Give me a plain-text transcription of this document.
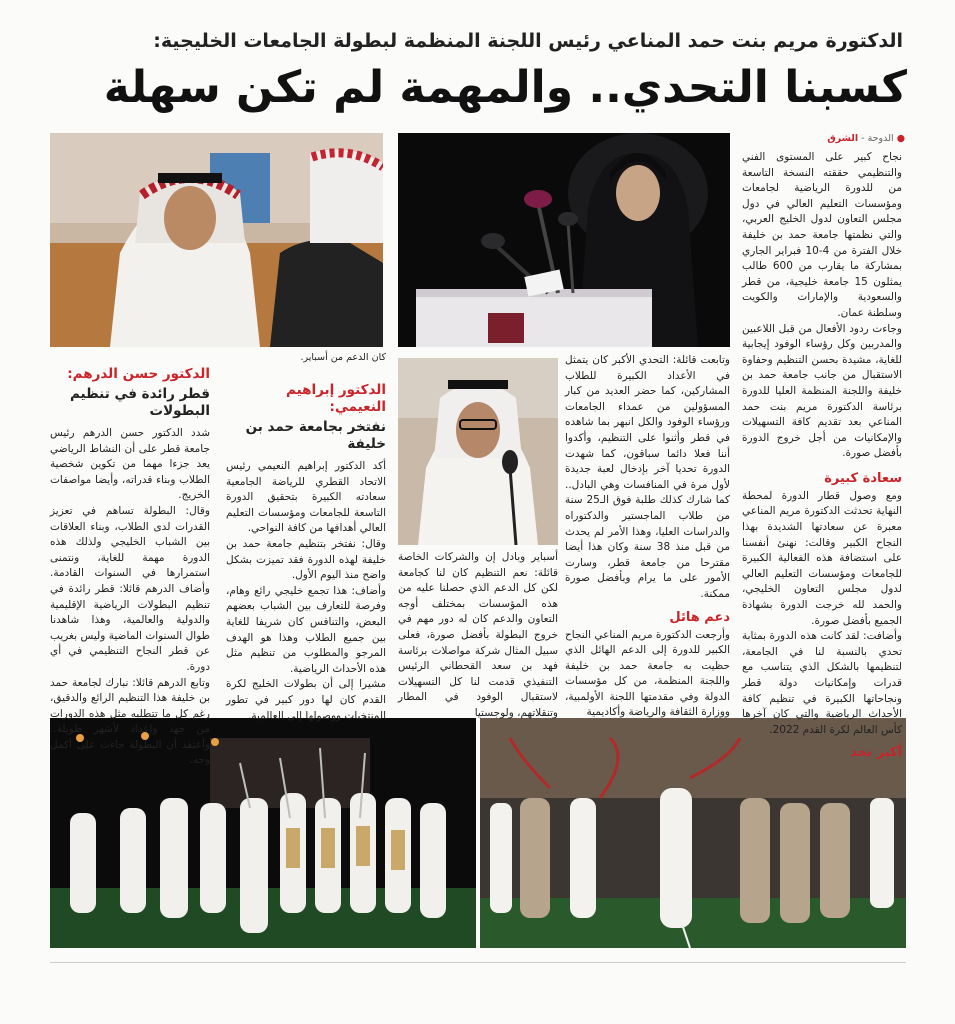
الدكتورة مريم بنت حمد المناعي رئيس اللجنة المنظمة لبطولة الجامعات الخليجية:
كسبنا التحدي.. والمهمة لم تكن سهلة
● الدوحة - الشرق

نجاح كبير على المستوى الفني والتنظيمي حققته النسخة التاسعة من للدورة الرياضية لجامعات ومؤسسات التعليم العالي في دول مجلس التعاون لدول الخليج العربي، والتي نظمتها جامعة حمد بن خليفة خلال الفترة من 4-10 فبراير الجاري بمشاركة ما يقارب من 600 طالب يمثلون 15 جامعة خليجية، من قطر والسعودية والإمارات والكويت وسلطنة عمان.

وجاءت ردود الأفعال من قبل اللاعبين والمدربين وكل رؤساء الوفود إيجابية للغاية، مشيدة بحسن التنظيم وحفاوة الاستقبال من جانب جامعة حمد بن خليفة واللجنة المنظمة العليا للدورة برئاسة الدكتورة مريم بنت حمد المناعي بعد تقديم كافة التسهيلات والإمكانيات من أجل خروج الدورة بأفضل صورة.

سعادة كبيرة

ومع وصول قطار الدورة لمحطة النهاية تحدثت الدكتورة مريم المناعي معبرة عن سعادتها الشديدة بهذا النجاح الكبير وقالت: نهنئ أنفسنا على استضافة هذه الفعالية الكبيرة للجامعات ومؤسسات التعليم العالي لدول مجلس التعاون الخليجي، والحمد لله خرجت الدورة بشهادة الجميع بأفضل صورة.

وأضافت: لقد كانت هذه الدورة بمثابة تحدي بالنسبة لنا في الجامعة، لتنظيمها بالشكل الذي يتناسب مع قدرات وإمكانيات دولة قطر ونجاحاتها الكبيرة في تنظيم كافة الأحداث الرياضية والتي كان آخرها كأس العالم لكرة القدم 2022.

أكبر تحد

وتابعت قائلة: التحدي الأكبر كان يتمثل في الأعداد الكبيرة للطلاب المشاركين، كما حضر العديد من كبار المسؤولين من عمداء الجامعات ورؤساء الوفود والكل انبهر بما شاهده في قطر وأثنوا على التنظيم، وأكدوا أننا فعلا دائما سباقون، كما شهدت الدورة تحديا آخر بإدخال لعبة جديدة لأول مرة في المنافسات وهي البادل.. كما شارك كذلك طلبة فوق الـ25 سنة من طلاب الماجستير والدكتوراه والدراسات العليا، وهذا الأمر لم يحدث من قبل منذ 38 سنة وكان هذا أيضا مقترحا من جامعة قطر، وسارت الأمور على ما يرام وبأفضل صورة ممكنة.

دعم هائل

وأرجعت الدكتورة مريم المناعي النجاح الكبير للدورة إلى الدعم الهائل الذي حظيت به جامعة حمد بن خليفة واللجنة المنظمة، من كل مؤسسات الدولة وفي مقدمتها اللجنة الأولمبية، ووزارة الثقافة والرياضة وأكاديمية

أسباير وبادل إن والشركات الخاصة قائلة: نعم التنظيم كان لنا كجامعة لكن كل الدعم الذي حصلنا عليه من هذه المؤسسات بمختلف أوجه التعاون والدعم كان له دور مهم في خروج البطولة بأفضل صورة، فعلى سبيل المثال شركة مواصلات برئاسة فهد بن سعد القحطاني الرئيس التنفيذي قدمت لنا كل التسهيلات لاستقبال الوفود في المطار وتنقلاتهم، ولوجستيا

كان الدعم من أسباير.
الدكتور إبراهيم النعيمي:
نفتخر بجامعة حمد بن خليفة

أكد الدكتور إبراهيم النعيمي رئيس الاتحاد القطري للرياضة الجامعية سعادته الكبيرة بتحقيق الدورة التاسعة للجامعات ومؤسسات التعليم العالي أهدافها من كافة النواحي.

وقال: نفتخر بتنظيم جامعة حمد بن خليفة لهذه الدورة فقد تميزت بشكل واضح منذ اليوم الأول.

وأضاف: هذا تجمع خليجي رائع وهام، وفرصة للتعارف بين الشباب بعضهم البعض، والتنافس كان شريفا للغاية بين جميع الطلاب وهذا هو الهدف المرجو والمطلوب من تنظيم مثل هذه الأحداث الرياضية.

مشيرا إلى أن بطولات الخليج لكرة القدم كان لها دور كبير في تطور المنتخبات ووصولها إلى العالمية.

الدكتور حسن الدرهم:
قطر رائدة في تنظيم البطولات

شدد الدكتور حسن الدرهم رئيس جامعة قطر على أن النشاط الرياضي يعد جزءا مهما من تكوين شخصية الطلاب وبناء قدراته، وأيضا مواصفات الخريج.

وقال: البطولة تساهم في تعزيز القدرات لدى الطلاب، وبناء العلاقات بين الشباب الخليجي ولذلك هذه الدورة مهمة للغاية، ونتمنى استمرارها في السنوات القادمة. وأضاف الدرهم قائلا: قطر رائدة في تنظيم البطولات الرياضية الإقليمية والدولية والعالمية، وهذا شاهدنا طوال السنوات الماضية وليس بغريب عن قطر النجاح التنظيمي في أي دورة.

وتابع الدرهم قائلا: نبارك لجامعة حمد بن خليفة هذا التنظيم الرائع والدقيق، رغم كل ما تتطلبه مثل هذه الدورات من جهد وإعداد لأشهر طويلة.. وأعتقد أن البطولة جاءت على أكمل وجه.
